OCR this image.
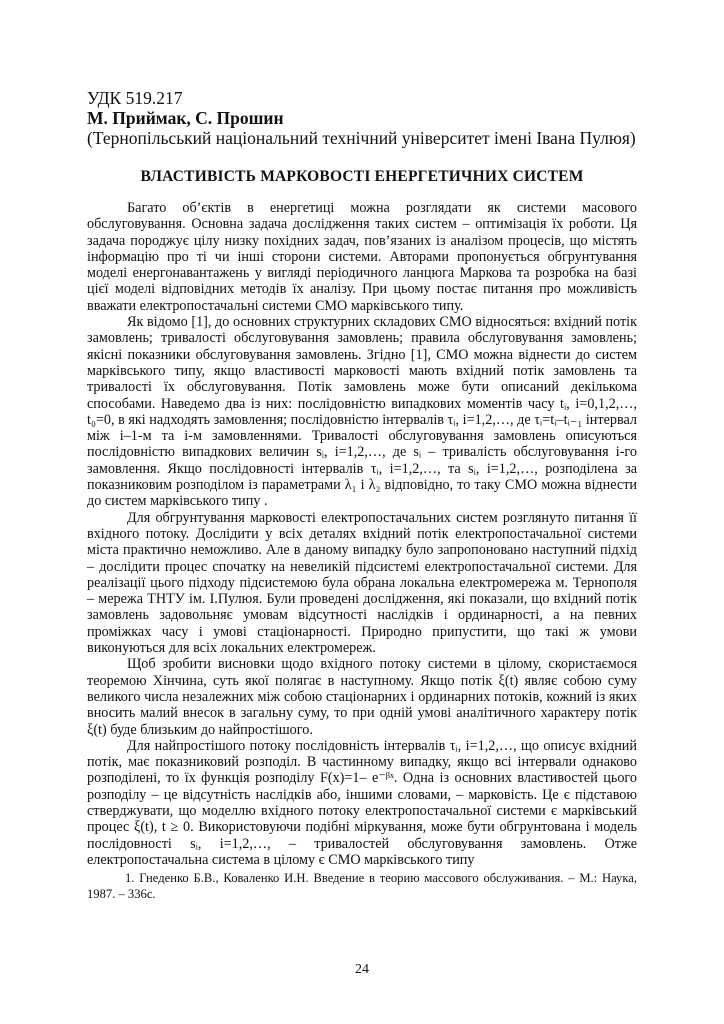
УДК 519.217
М. Приймак, С. Прошин
(Тернопільський національний технічний університет імені Івана Пулюя)
ВЛАСТИВІСТЬ МАРКОВОСТІ ЕНЕРГЕТИЧНИХ СИСТЕМ

Багато об’єктів в енергетиці можна розглядати як системи масового обслуговування. Основна задача дослідження таких систем – оптимізація їх роботи. Ця задача породжує цілу низку похідних задач, пов’язаних із аналізом процесів, що містять інформацію про ті чи інші сторони системи. Авторами пропонується обгрунтування моделі енергонавантажень у вигляді періодичного ланцюга Маркова та розробка на базі цієї моделі відповідних методів їх аналізу. При цьому постає питання про можливість вважати електропостачальні системи СМО марківського типу.

Як відомо [1], до основних структурних складових СМО відносяться: вхідний потік замовлень; тривалості обслуговування замовлень; правила обслуговування замовлень; якісні показники обслуговування замовлень. Згідно [1], СМО можна віднести до систем марківського типу, якщо властивості марковості мають вхідний потік замовлень та тривалості їх обслуговування. Потік замовлень може бути описаний декількома способами. Наведемо два із них: послідовністю випадкових моментів часу tᵢ, i=0,1,2,…, t₀=0, в які надходять замовлення; послідовністю інтервалів τᵢ, i=1,2,…, де τᵢ=tᵢ–tᵢ₋₁ інтервал між i–1-м та i-м замовленнями. Тривалості обслуговування замовлень описуються послідовністю випадкових величин sᵢ, i=1,2,…, де sᵢ – тривалість обслуговування i-го замовлення. Якщо послідовності інтервалів τᵢ, i=1,2,…, та sᵢ, i=1,2,…, розподілена за показниковим розподілом із параметрами λ₁ і λ₂ відповідно, то таку СМО можна віднести до систем марківського типу .

Для обгрунтування марковості електропостачальних систем розглянуто питання її вхідного потоку. Дослідити у всіх деталях вхідний потік електропостачальної системи міста практично неможливо. Але в даному випадку було запропоновано наступний підхід – дослідити процес спочатку на невеликій підсистемі електропостачальної системи. Для реалізації цього підходу підсистемою була обрана локальна електромережа м. Тернополя – мережа ТНТУ ім. І.Пулюя. Були проведені дослідження, які показали, що вхідний потік замовлень задовольняє умовам відсутності наслідків і ординарності, а на певних проміжках часу і умові стаціонарності. Природно припустити, що такі ж умови виконуються для всіх локальних електромереж.

Щоб зробити висновки щодо вхідного потоку системи в цілому, скористаємося теоремою Хінчина, суть якої полягає в наступному. Якщо потік ξ(t) являє собою суму великого числа незалежних між собою стаціонарних і ординарних потоків, кожний із яких вносить малий внесок в загальну суму, то при одній умові аналітичного характеру потік ξ(t) буде близьким до найпростішого.

Для найпростішого потоку послідовність інтервалів τᵢ, i=1,2,…, що описує вхідний потік, має показниковий розподіл. В частинному випадку, якщо всі інтервали однаково розподілені, то їх функція розподілу F(x)=1– e⁻ᵝˣ. Одна із основних властивостей цього розподілу – це відсутність наслідків або, іншими словами, – марковість. Це є підставою стверджувати, що моделлю вхідного потоку електропостачальної системи є марківський процес ξ(t), t ≥ 0. Використовуючи подібні міркування, може бути обгрунтована і модель послідовності sᵢ, i=1,2,…, – тривалостей обслуговування замовлень. Отже електропостачальна система в цілому є СМО марківського типу

1. Гнеденко Б.В., Коваленко И.Н. Введение в теорию массового обслуживания. – М.: Наука, 1987. – 336с.

24
